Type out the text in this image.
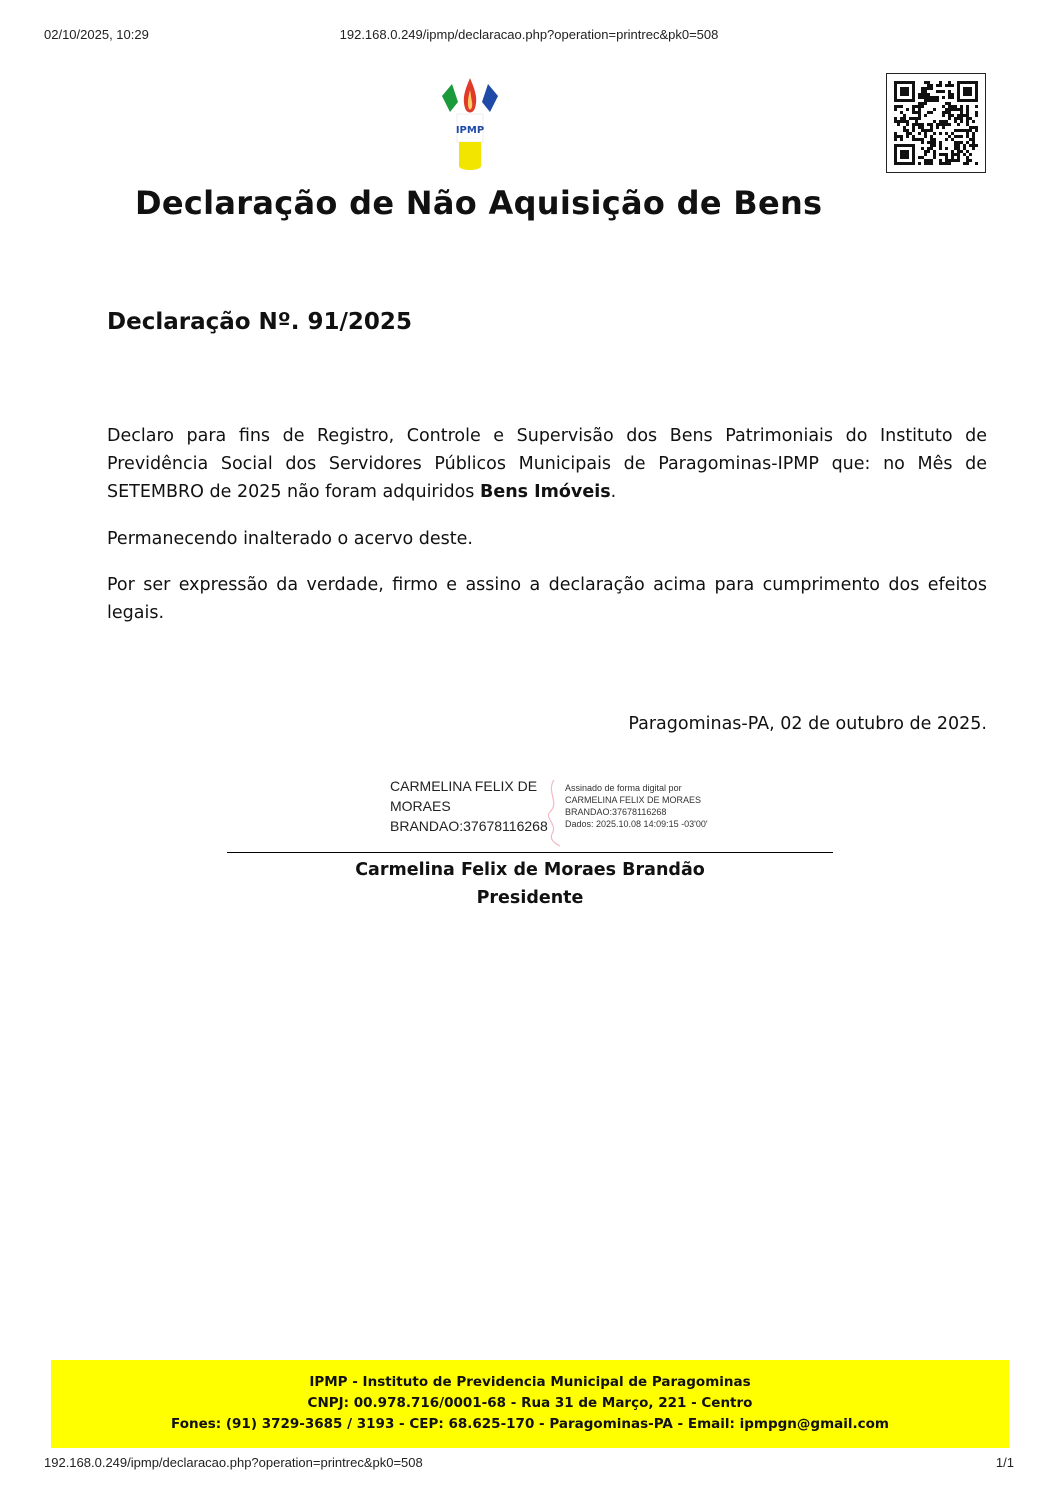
02/10/2025, 10:29	192.168.0.249/ipmp/declaracao.php?operation=printrec&pk0=508
IPMP
Declaração de Não Aquisição de Bens
Declaração Nº. 91/2025

Declaro para fins de Registro, Controle e Supervisão dos Bens Patrimoniais do Instituto de Previdência Social dos Servidores Públicos Municipais de Paragominas-IPMP que: no Mês de SETEMBRO de 2025 não foram adquiridos Bens Imóveis.

Permanecendo inalterado o acervo deste.

Por ser expressão da verdade, firmo e assino a declaração acima para cumprimento dos efeitos legais.

Paragominas-PA, 02 de outubro de 2025.

CARMELINA FELIX DE
MORAES
BRANDAO:37678116268
Assinado de forma digital por
CARMELINA FELIX DE MORAES
BRANDAO:37678116268
Dados: 2025.10.08 14:09:15 -03'00'
Carmelina Felix de Moraes Brandão
Presidente
IPMP - Instituto de Previdencia Municipal de Paragominas
CNPJ: 00.978.716/0001-68 - Rua 31 de Março, 221 - Centro
Fones: (91) 3729-3685 / 3193 - CEP: 68.625-170 - Paragominas-PA - Email: ipmpgn@gmail.com
192.168.0.249/ipmp/declaracao.php?operation=printrec&pk0=508	1/1
